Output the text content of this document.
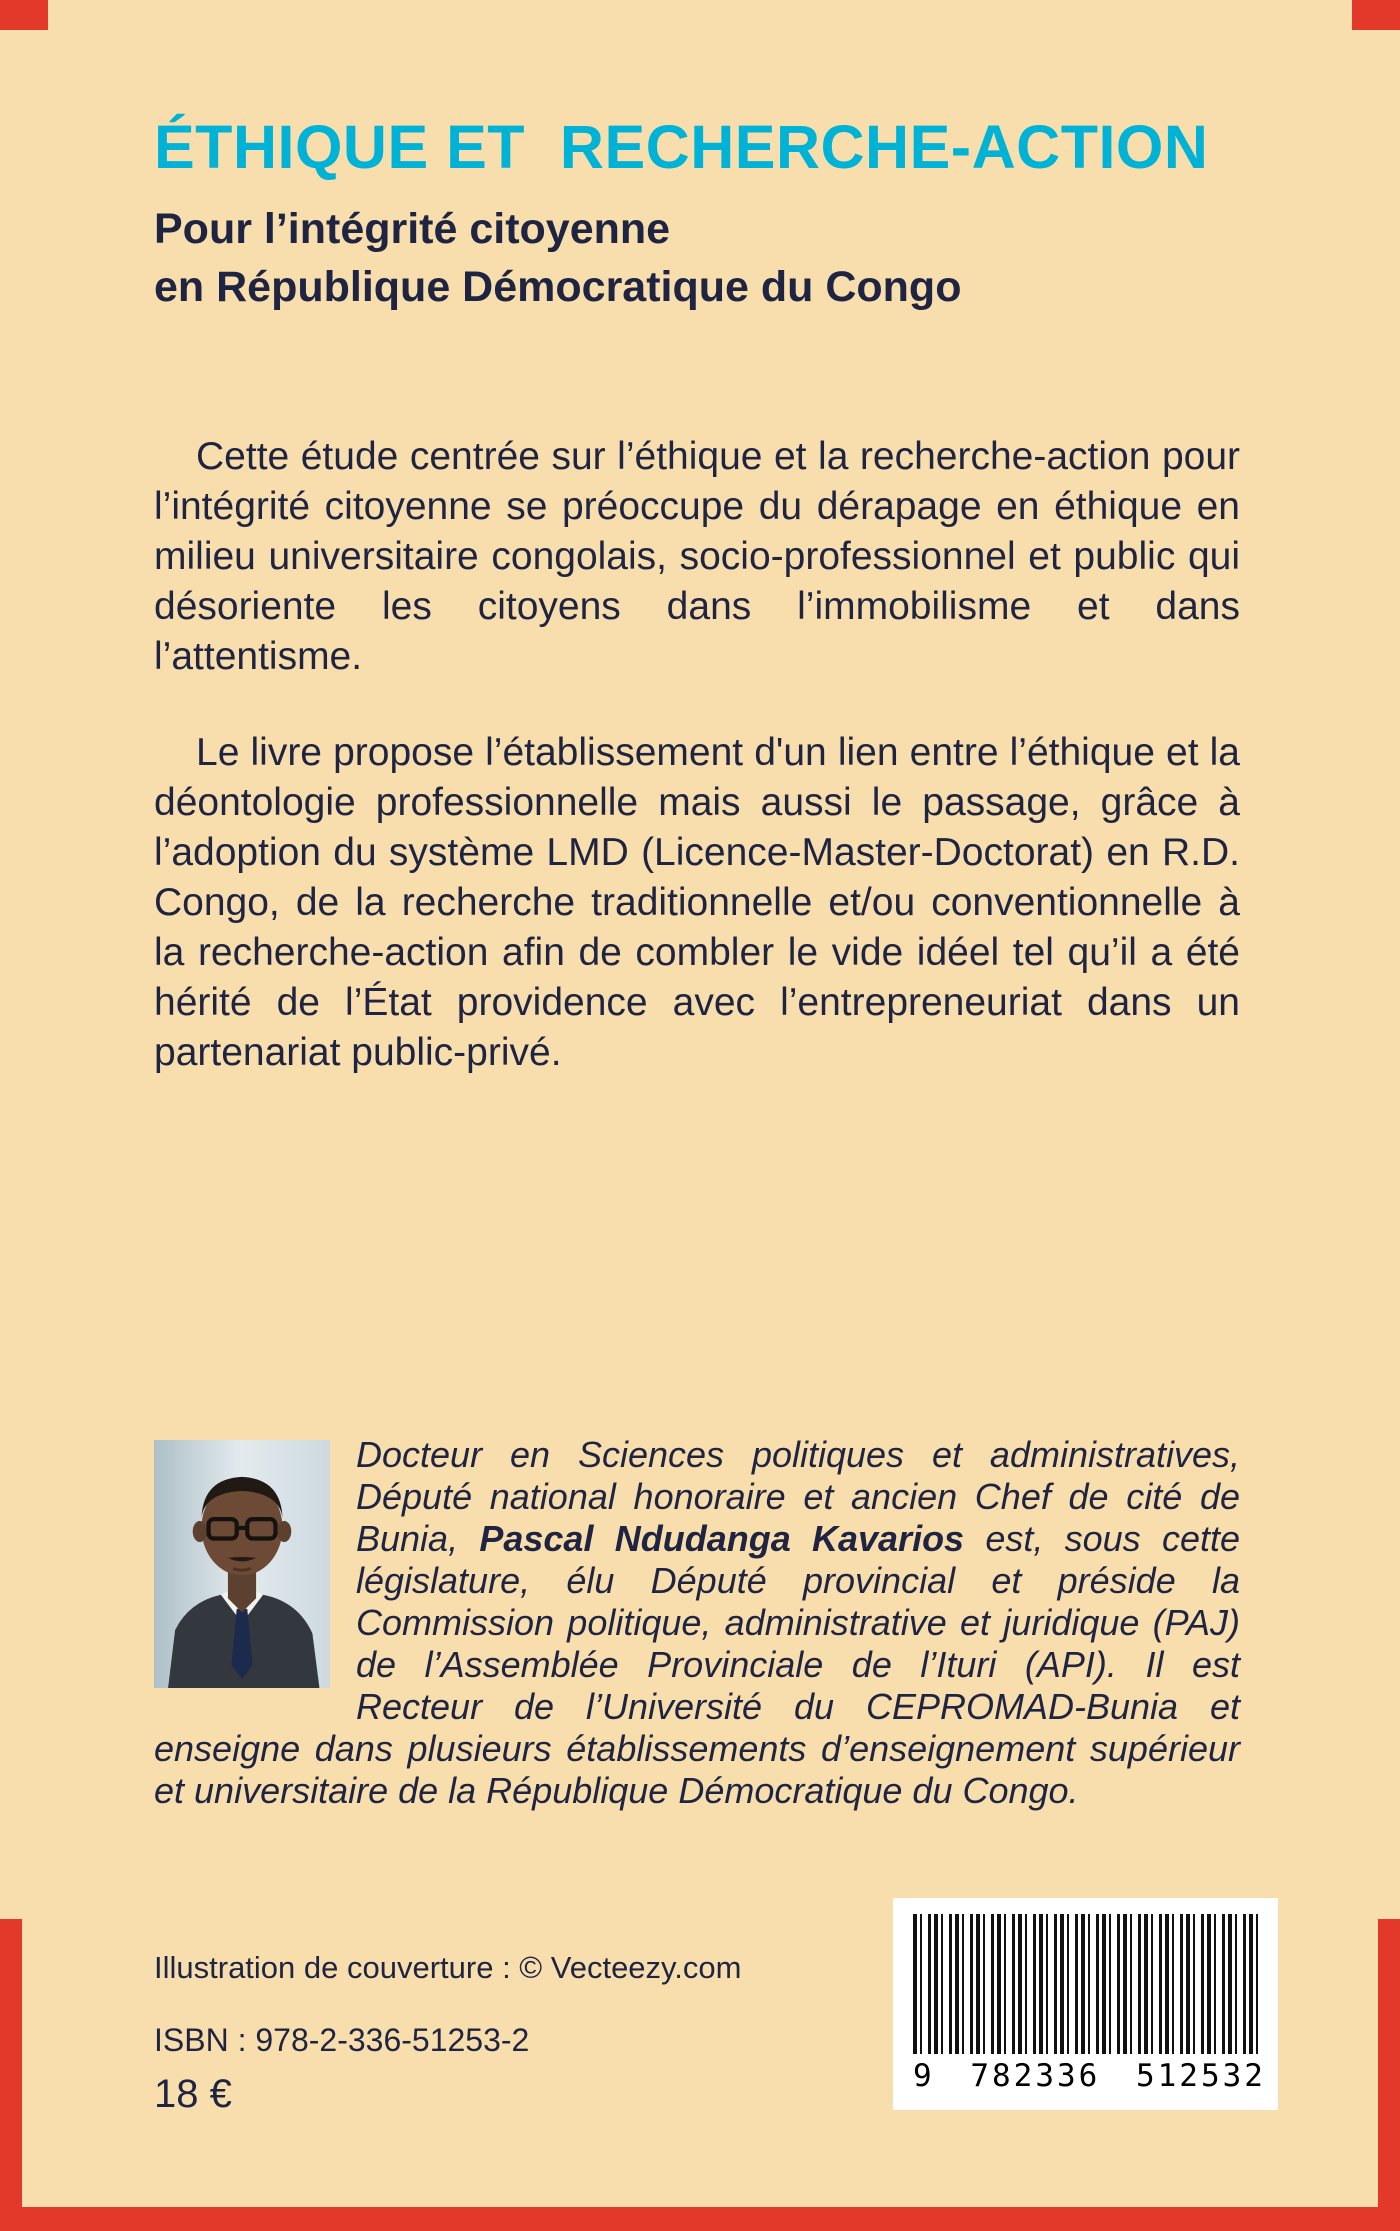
ÉTHIQUE ET  RECHERCHE-ACTION
Pour l’intégrité citoyenne
en République Démocratique du Congo

Cette étude centrée sur l’éthique et la recherche-action pour l’intégrité citoyenne se préoccupe du dérapage en éthique en milieu universitaire congolais, socio-professionnel et public qui désoriente les citoyens dans l’immobilisme et dans l’attentisme.

Le livre propose l’établissement d'un lien entre l’éthique et la déontologie professionnelle mais aussi le passage, grâce à l’adoption du système LMD (Licence-Master-Doctorat) en R.D. Congo, de la recherche traditionnelle et/ou conventionnelle à la recherche-action afin de combler le vide idéel tel qu’il a été hérité de l’État providence avec l’entrepreneuriat dans un partenariat public-privé.

Docteur en Sciences politiques et administratives, Député national honoraire et ancien Chef de cité de Bunia, Pascal Ndudanga Kavarios est, sous cette législature, élu Député provincial et préside la Commission politique, administrative et juridique (PAJ) de l’Assemblée Provinciale de l’Ituri (API). Il est Recteur de l’Université du CEPROMAD-Bunia et enseigne dans plusieurs établissements d’enseignement supérieur et universitaire de la République Démocratique du Congo.

Illustration de couverture : © Vecteezy.com

ISBN : 978-2-336-51253-2

18 €	9 782336 512532
